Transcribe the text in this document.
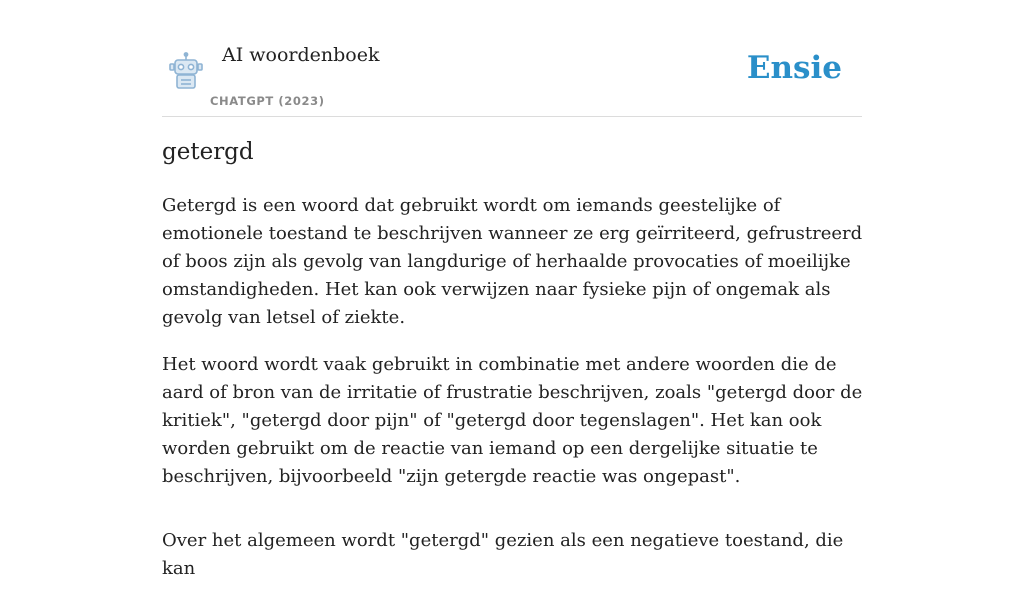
AI woordenboek
CHATGPT (2023)
Ensie
getergd

Getergd is een woord dat gebruikt wordt om iemands geestelijke of emotionele toestand te beschrijven wanneer ze erg geïrriteerd, gefrustreerd of boos zijn als gevolg van langdurige of herhaalde provocaties of moeilijke omstandigheden. Het kan ook verwijzen naar fysieke pijn of ongemak als gevolg van letsel of ziekte.

Het woord wordt vaak gebruikt in combinatie met andere woorden die de aard of bron van de irritatie of frustratie beschrijven, zoals "getergd door de kritiek", "getergd door pijn" of "getergd door tegenslagen". Het kan ook worden gebruikt om de reactie van iemand op een dergelijke situatie te beschrijven, bijvoorbeeld "zijn getergde reactie was ongepast".

Over het algemeen wordt "getergd" gezien als een negatieve toestand, die kan
